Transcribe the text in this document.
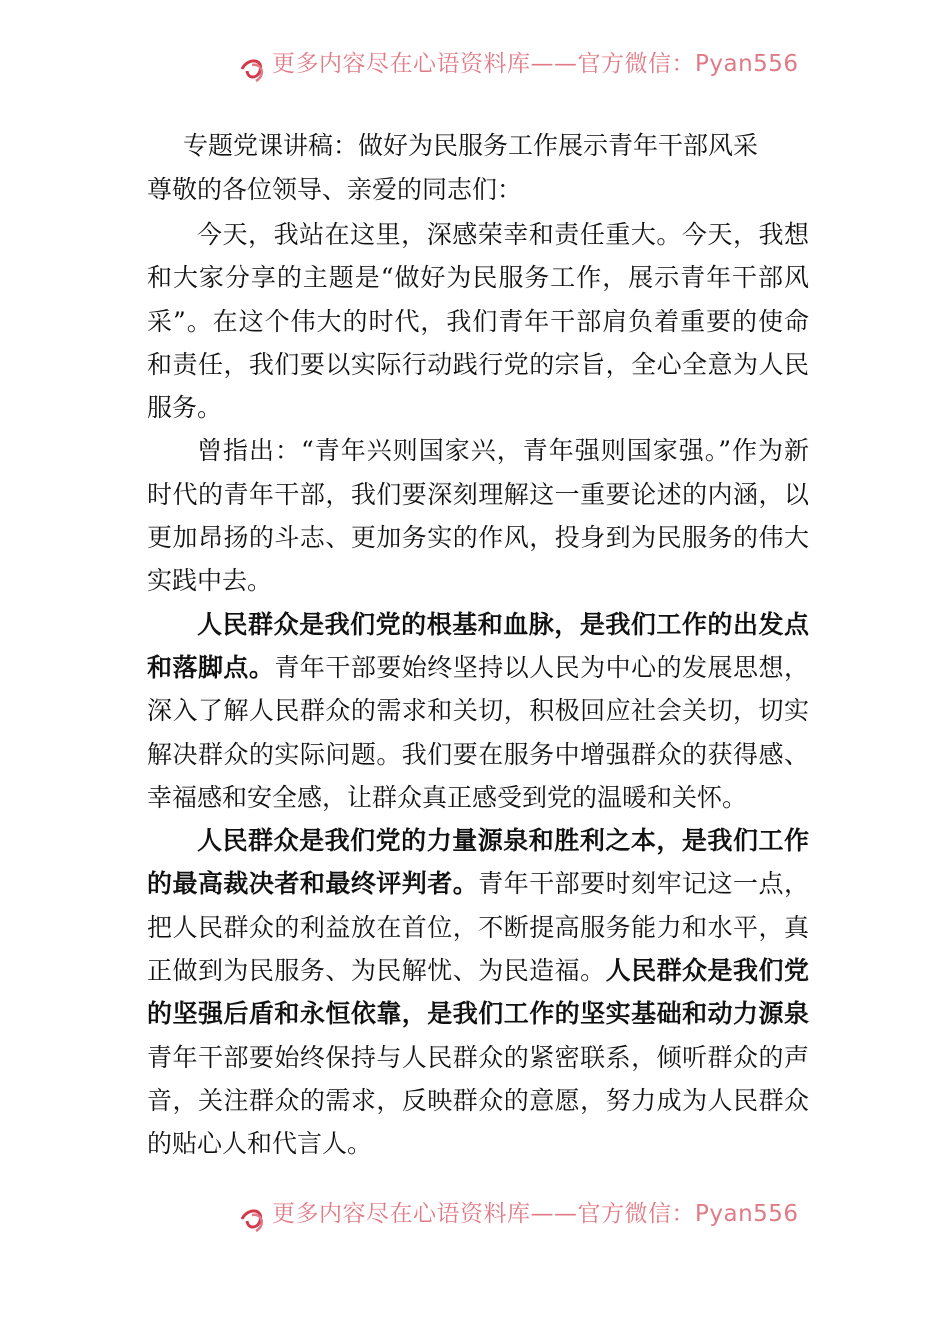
更多内容尽在心语资料库——官方微信：Pyan556
专题党课讲稿：做好为民服务工作展示青年干部风采
尊敬的各位领导、亲爱的同志们：

今天，我站在这里，深感荣幸和责任重大。今天，我想和大家分享的主题是“做好为民服务工作，展示青年干部风采”。在这个伟大的时代，我们青年干部肩负着重要的使命和责任，我们要以实际行动践行党的宗旨，全心全意为人民服务。

曾指出：“青年兴则国家兴，青年强则国家强。”作为新时代的青年干部，我们要深刻理解这一重要论述的内涵，以更加昂扬的斗志、更加务实的作风，投身到为民服务的伟大实践中去。

人民群众是我们党的根基和血脉，是我们工作的出发点和落脚点。青年干部要始终坚持以人民为中心的发展思想，深入了解人民群众的需求和关切，积极回应社会关切，切实解决群众的实际问题。我们要在服务中增强群众的获得感、幸福感和安全感，让群众真正感受到党的温暖和关怀。

人民群众是我们党的力量源泉和胜利之本，是我们工作的最高裁决者和最终评判者。青年干部要时刻牢记这一点，把人民群众的利益放在首位，不断提高服务能力和水平，真正做到为民服务、为民解忧、为民造福。人民群众是我们党的坚强后盾和永恒依靠，是我们工作的坚实基础和动力源泉青年干部要始终保持与人民群众的紧密联系，倾听群众的声音，关注群众的需求，反映群众的意愿，努力成为人民群众的贴心人和代言人。

更多内容尽在心语资料库——官方微信：Pyan556
